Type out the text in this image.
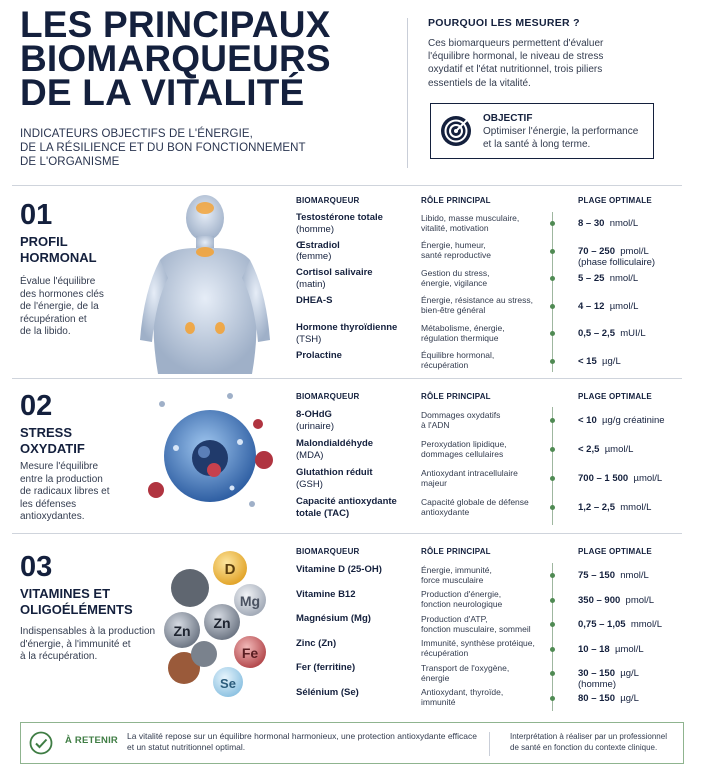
LES PRINCIPAUX
BIOMARQUEURS
DE LA VITALITÉ
INDICATEURS OBJECTIFS DE L'ÉNERGIE,
DE LA RÉSILIENCE ET DU BON FONCTIONNEMENT
DE L'ORGANISME
POURQUOI LES MESURER ?
Ces biomarqueurs permettent d'évaluer
l'équilibre hormonal, le niveau de stress
oxydatif et l'état nutritionnel, trois piliers
essentiels de la vitalité.
OBJECTIF
Optimiser l'énergie, la performance
et la santé à long terme.
01
PROFIL
HORMONAL
Évalue l'équilibre
des hormones clés
de l'énergie, de la
récupération et
de la libido.
BIOMARQUEUR	RÔLE PRINCIPAL	PLAGE OPTIMALE
Testostérone totale
(homme)
Libido, masse musculaire,
vitalité, motivation	8 – 30 nmol/L
Œstradiol
(femme)
Énergie, humeur,
santé reproductive	70 – 250 pmol/L
(phase folliculaire)
Cortisol salivaire
(matin)
Gestion du stress,
énergie, vigilance	5 – 25 nmol/L
DHEA-S	Énergie, résistance au stress,
bien-être général	4 – 12 µmol/L
Hormone thyroïdienne
(TSH)
Métabolisme, énergie,
régulation thermique	0,5 – 2,5 mUI/L
Prolactine	Équilibre hormonal,
récupération	< 15 µg/L
02
STRESS
OXYDATIF
Mesure l'équilibre
entre la production
de radicaux libres et
les défenses
antioxydantes.
BIOMARQUEUR	RÔLE PRINCIPAL	PLAGE OPTIMALE
8-OHdG
(urinaire)
Dommages oxydatifs
à l'ADN	< 10 µg/g créatinine
Malondialdéhyde
(MDA)
Peroxydation lipidique,
dommages cellulaires	< 2,5 µmol/L
Glutathion réduit
(GSH)
Antioxydant intracellulaire
majeur	700 – 1 500 µmol/L
Capacité antioxydante
totale (TAC)
Capacité globale de défense
antioxydante	1,2 – 2,5 mmol/L
03
VITAMINES ET
OLIGOÉLÉMENTS
Indispensables à la production
d'énergie, à l'immunité et
à la récupération.
D
Mg
Zn Zn
Fe
Se
BIOMARQUEUR	RÔLE PRINCIPAL	PLAGE OPTIMALE
Vitamine D (25-OH)	Énergie, immunité,
force musculaire	75 – 150 nmol/L
Vitamine B12	Production d'énergie,
fonction neurologique	350 – 900 pmol/L
Magnésium (Mg)	Production d'ATP,
fonction musculaire, sommeil	0,75 – 1,05 mmol/L
Zinc (Zn)	Immunité, synthèse protéique,
récupération	10 – 18 µmol/L
Fer (ferritine)	Transport de l'oxygène,
énergie	30 – 150 µg/L
(homme)
Sélénium (Se)	Antioxydant, thyroïde,
immunité	80 – 150 µg/L
À RETENIR La vitalité repose sur un équilibre hormonal harmonieux, une protection antioxydante efficace
et un statut nutritionnel optimal.
Interprétation à réaliser par un professionnel
de santé en fonction du contexte clinique.
